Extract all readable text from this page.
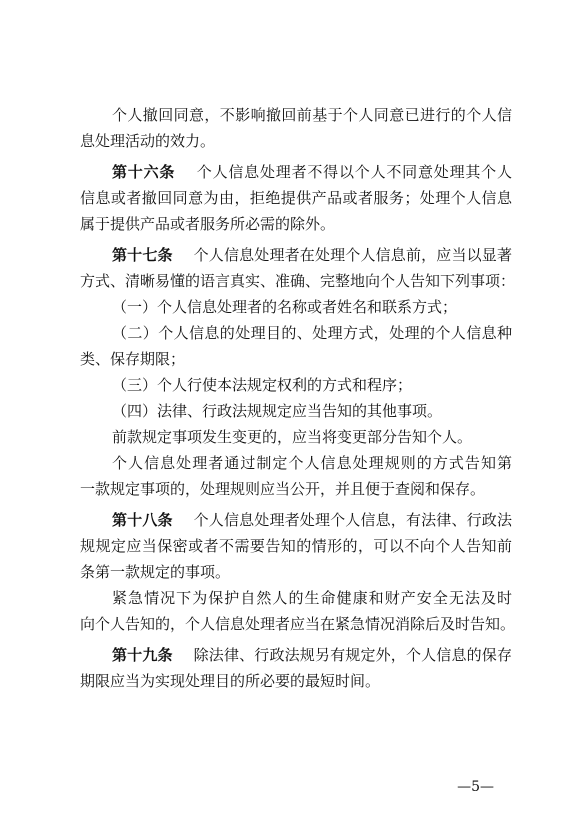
个人撤回同意，不影响撤回前基于个人同意已进行的个人信
息处理活动的效力。
第十六条 个人信息处理者不得以个人不同意处理其个人
信息或者撤回同意为由，拒绝提供产品或者服务；处理个人信息
属于提供产品或者服务所必需的除外。
第十七条 个人信息处理者在处理个人信息前，应当以显著
方式、清晰易懂的语言真实、准确、完整地向个人告知下列事项：
（一）个人信息处理者的名称或者姓名和联系方式；
（二）个人信息的处理目的、处理方式，处理的个人信息种
类、保存期限；
（三）个人行使本法规定权利的方式和程序；
（四）法律、行政法规规定应当告知的其他事项。
前款规定事项发生变更的，应当将变更部分告知个人。
个人信息处理者通过制定个人信息处理规则的方式告知第
一款规定事项的，处理规则应当公开，并且便于查阅和保存。
第十八条 个人信息处理者处理个人信息，有法律、行政法
规规定应当保密或者不需要告知的情形的，可以不向个人告知前
条第一款规定的事项。
紧急情况下为保护自然人的生命健康和财产安全无法及时
向个人告知的，个人信息处理者应当在紧急情况消除后及时告知。
第十九条 除法律、行政法规另有规定外，个人信息的保存
期限应当为实现处理目的所必要的最短时间。
—5—
